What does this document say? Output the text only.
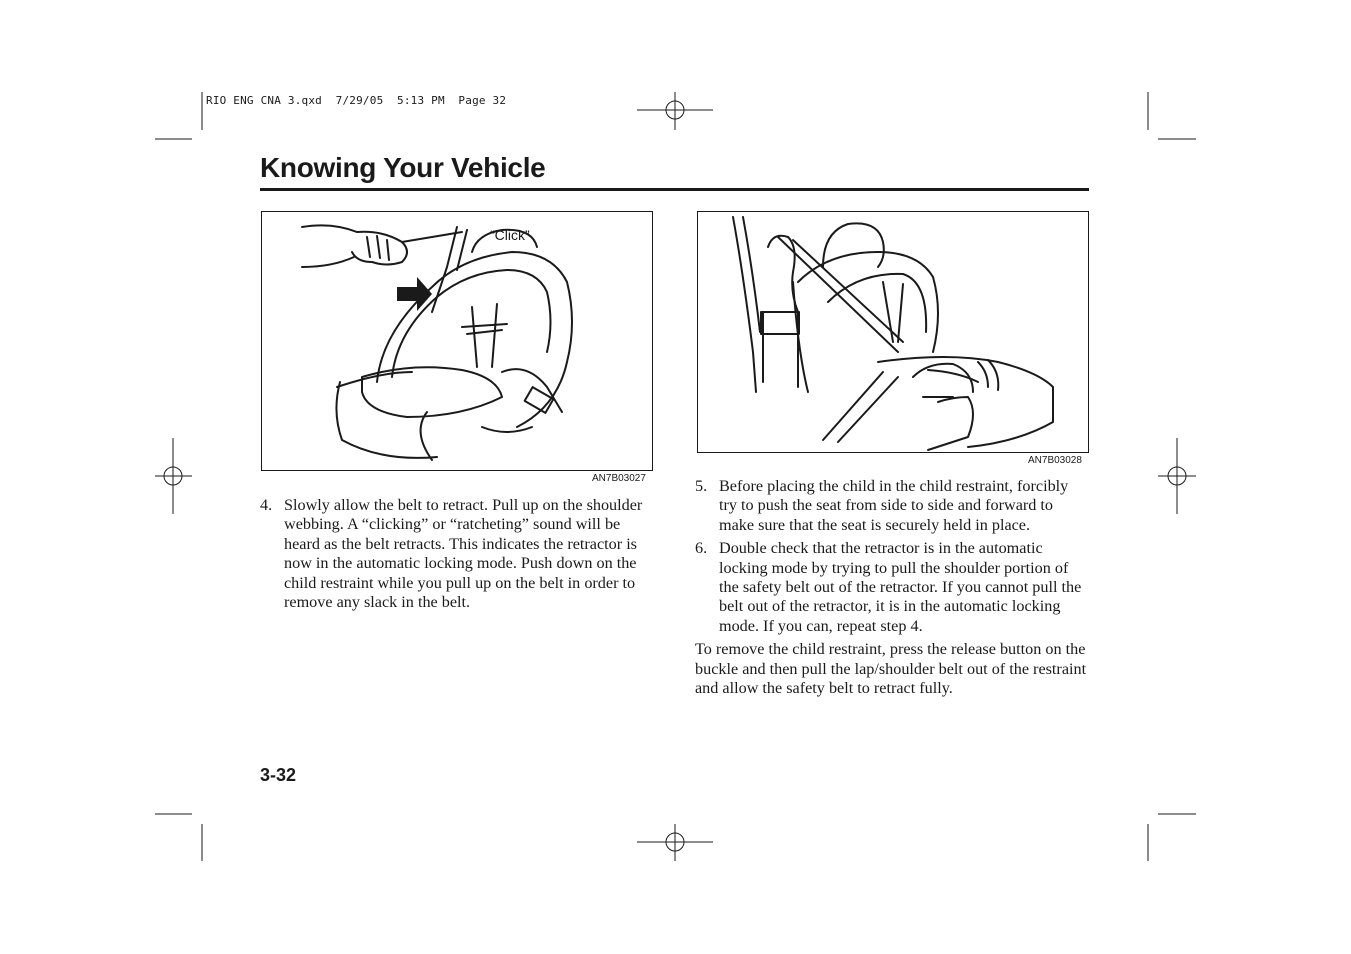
RIO ENG CNA 3.qxd  7/29/05  5:13 PM  Page 32
Knowing Your Vehicle
“Click”
AN7B03027
AN7B03028
4. Slowly allow the belt to retract. Pull up on the shoulder webbing. A “clicking” or “ratcheting” sound will be heard as the belt retracts. This indicates the retractor is now in the automatic locking mode. Push down on the child restraint while you pull up on the belt in order to remove any slack in the belt.
5. Before placing the child in the child restraint, forcibly try to push the seat from side to side and forward to make sure that the seat is securely held in place.
6. Double check that the retractor is in the automatic locking mode by trying to pull the shoulder portion of the safety belt out of the retractor. If you cannot pull the belt out of the retractor, it is in the automatic locking mode. If you can, repeat step 4.
To remove the child restraint, press the release button on the buckle and then pull the lap/shoulder belt out of the restraint and allow the safety belt to retract fully.
3-32
